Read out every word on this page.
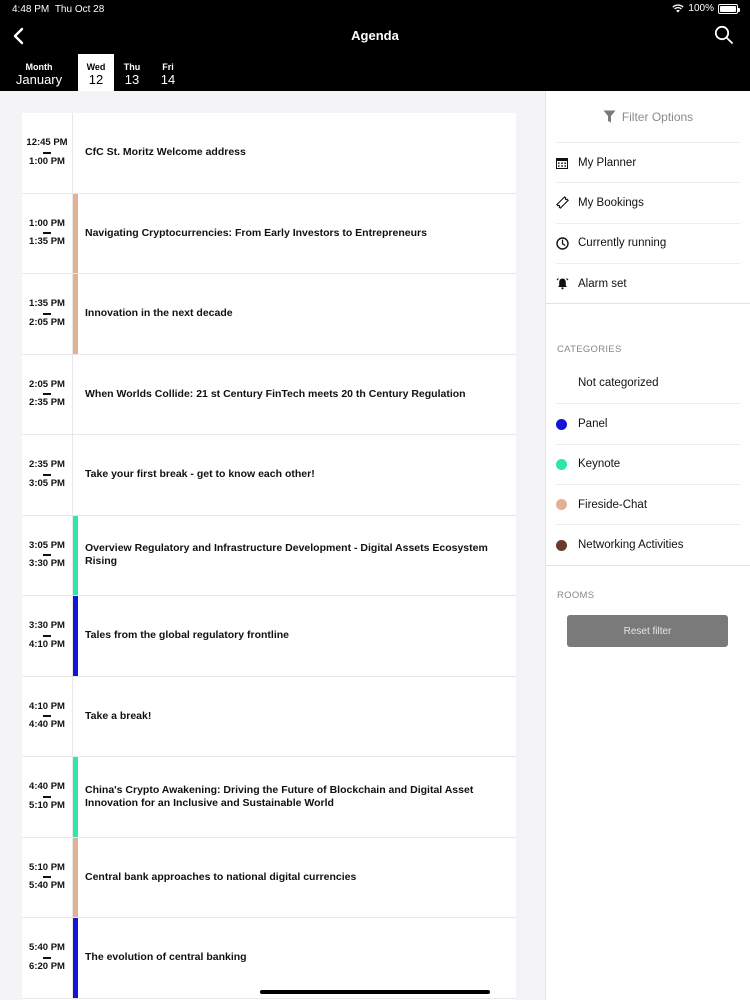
4:48 PM Thu Oct 28	100%
Agenda
Month
January
Wed
12
Thu
13
Fri
14
12:45 PM
1:00 PM
CfC St. Moritz Welcome address
1:00 PM
1:35 PM
Navigating Cryptocurrencies: From Early Investors to Entrepreneurs
1:35 PM
2:05 PM
Innovation in the next decade
2:05 PM
2:35 PM
When Worlds Collide: 21 st Century FinTech meets 20 th Century Regulation
2:35 PM
3:05 PM
Take your first break - get to know each other!
3:05 PM
3:30 PM
Overview Regulatory and Infrastructure Development - Digital Assets Ecosystem Rising
3:30 PM
4:10 PM
Tales from the global regulatory frontline
4:10 PM
4:40 PM
Take a break!
4:40 PM
5:10 PM
China's Crypto Awakening: Driving the Future of Blockchain and Digital Asset Innovation for an Inclusive and Sustainable World
5:10 PM
5:40 PM
Central bank approaches to national digital currencies
5:40 PM
6:20 PM
The evolution of central banking
Filter Options
My Planner
My Bookings
Currently running
Alarm set
CATEGORIES
Not categorized
Panel
Keynote
Fireside-Chat
Networking Activities
ROOMS
Reset filter
